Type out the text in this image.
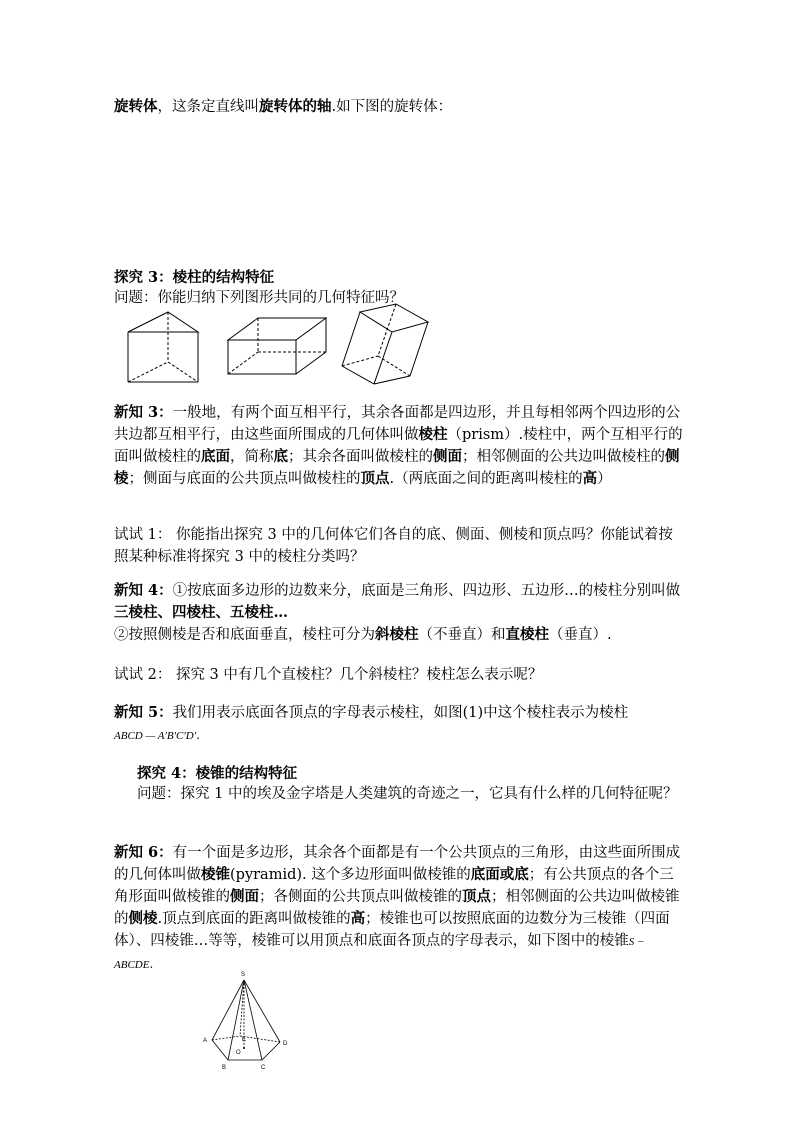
旋转体，这条定直线叫旋转体的轴.如下图的旋转体：
探究 3：棱柱的结构特征
问题：你能归纳下列图形共同的几何特征吗？
新知 3：一般地，有两个面互相平行，其余各面都是四边形，并且每相邻两个四边形的公共边都互相平行，由这些面所围成的几何体叫做棱柱（prism）.棱柱中，两个互相平行的面叫做棱柱的底面，简称底；其余各面叫做棱柱的侧面；相邻侧面的公共边叫做棱柱的侧棱；侧面与底面的公共顶点叫做棱柱的顶点.（两底面之间的距离叫棱柱的高）
试试 1： 你能指出探究 3 中的几何体它们各自的底、侧面、侧棱和顶点吗？你能试着按照某种标准将探究 3 中的棱柱分类吗？
新知 4：①按底面多边形的边数来分，底面是三角形、四边形、五边形…的棱柱分别叫做三棱柱、四棱柱、五棱柱…
②按照侧棱是否和底面垂直，棱柱可分为斜棱柱（不垂直）和直棱柱（垂直）.
试试 2： 探究 3 中有几个直棱柱？几个斜棱柱？棱柱怎么表示呢？
新知 5：我们用表示底面各顶点的字母表示棱柱，如图(1)中这个棱柱表示为棱柱
ABCD — A′B′C′D′.
探究 4：棱锥的结构特征
问题：探究 1 中的埃及金字塔是人类建筑的奇迹之一，它具有什么样的几何特征呢？
新知 6：有一个面是多边形，其余各个面都是有一个公共顶点的三角形，由这些面所围成的几何体叫做棱锥(pyramid). 这个多边形面叫做棱锥的底面或底；有公共顶点的各个三角形面叫做棱锥的侧面；各侧面的公共顶点叫做棱锥的顶点；相邻侧面的公共边叫做棱锥的侧棱.顶点到底面的距离叫做棱锥的高；棱锥也可以按照底面的边数分为三棱锥（四面体）、四棱锥…等等，棱锥可以用顶点和底面各顶点的字母表示，如下图中的棱锥S − ABCDE.
S
A
B	C
D
E
O
